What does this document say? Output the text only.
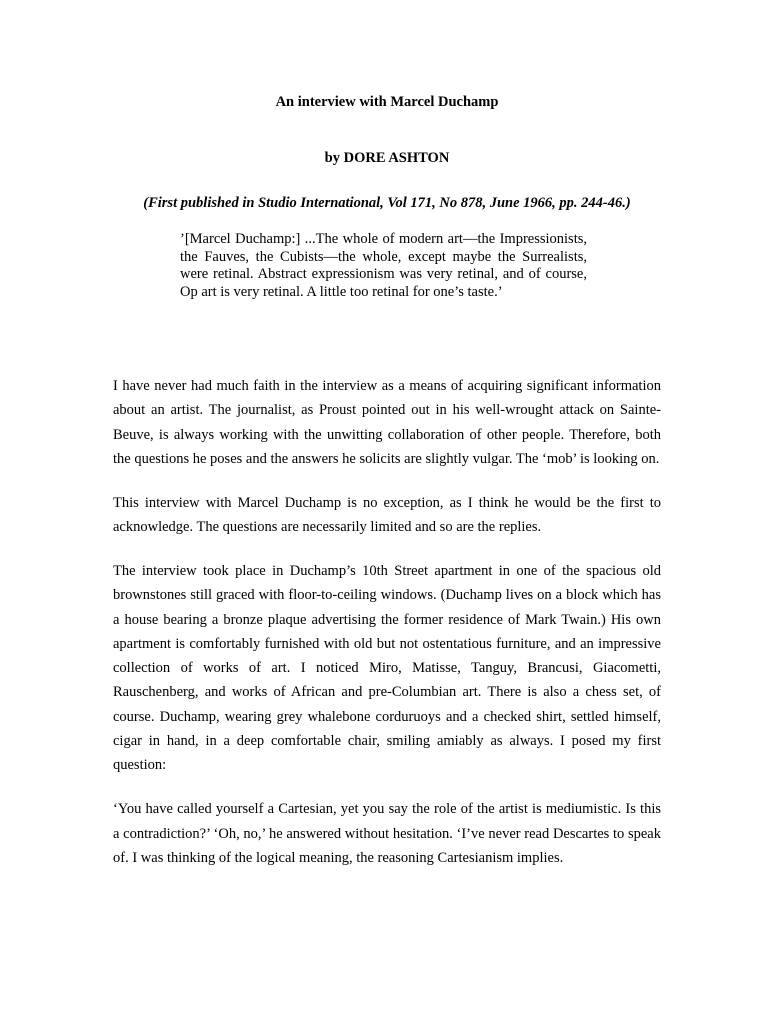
An interview with Marcel Duchamp
by DORE ASHTON
(First published in Studio International, Vol 171, No 878, June 1966, pp. 244-46.)
’[Marcel Duchamp:] ...The whole of modern art—the Impressionists, the Fauves, the Cubists—the whole, except maybe the Surrealists, were retinal. Abstract expressionism was very retinal, and of course, Op art is very retinal. A little too retinal for one’s taste.’

I have never had much faith in the interview as a means of acquiring significant information about an artist. The journalist, as Proust pointed out in his well-wrought attack on Sainte-Beuve, is always working with the unwitting collaboration of other people. Therefore, both the questions he poses and the answers he solicits are slightly vulgar. The ‘mob’ is looking on.

This interview with Marcel Duchamp is no exception, as I think he would be the first to acknowledge. The questions are necessarily limited and so are the replies.

The interview took place in Duchamp’s 10th Street apartment in one of the spacious old brownstones still graced with floor-to-ceiling windows. (Duchamp lives on a block which has a house bearing a bronze plaque advertising the former residence of Mark Twain.) His own apartment is comfortably furnished with old but not ostentatious furniture, and an impressive collection of works of art. I noticed Miro, Matisse, Tanguy, Brancusi, Giacometti, Rauschenberg, and works of African and pre-Columbian art. There is also a chess set, of course. Duchamp, wearing grey whalebone corduruoys and a checked shirt, settled himself, cigar in hand, in a deep comfortable chair, smiling amiably as always. I posed my first question:

‘You have called yourself a Cartesian, yet you say the role of the artist is mediumistic. Is this a contradiction?’ ‘Oh, no,’ he answered without hesitation. ‘I’ve never read Descartes to speak of. I was thinking of the logical meaning, the reasoning Cartesianism implies.
